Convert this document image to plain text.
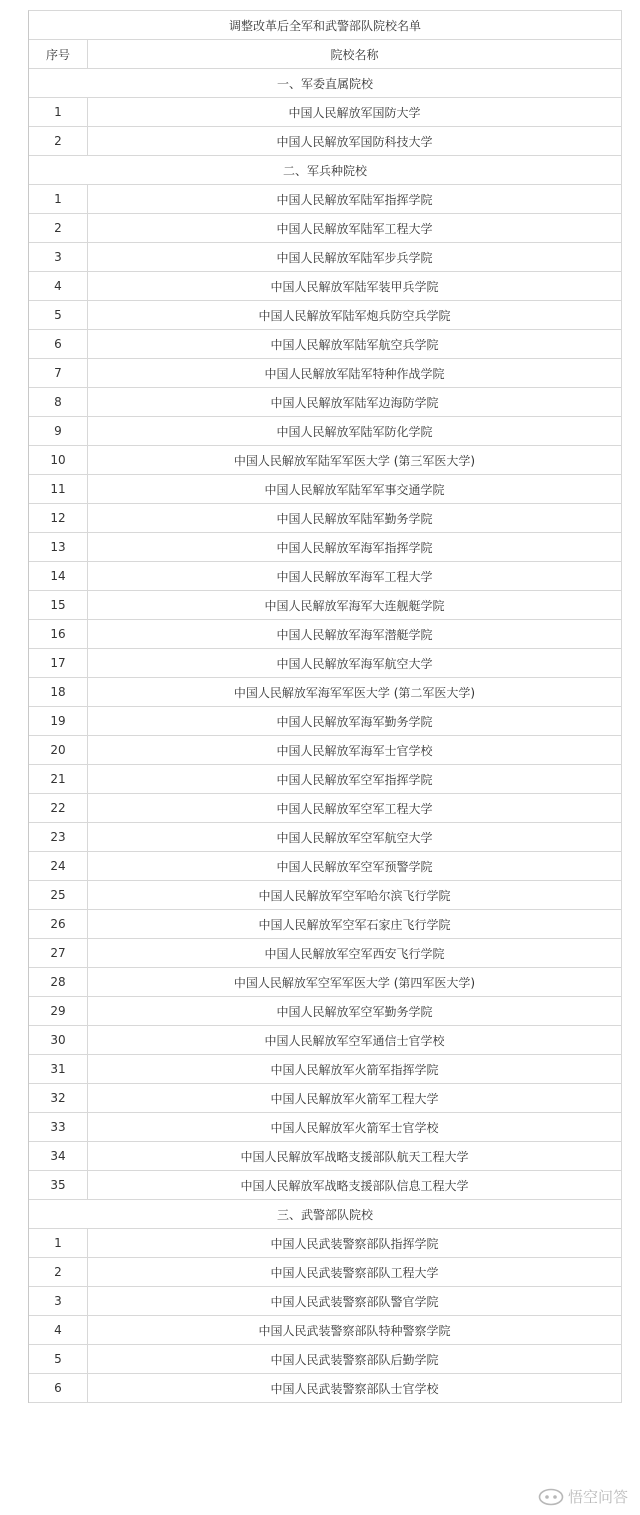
调整改革后全军和武警部队院校名单	
序号	院校名称
一、军委直属院校	
1	中国人民解放军国防大学
2	中国人民解放军国防科技大学
二、军兵种院校	
1	中国人民解放军陆军指挥学院
2	中国人民解放军陆军工程大学
3	中国人民解放军陆军步兵学院
4	中国人民解放军陆军装甲兵学院
5	中国人民解放军陆军炮兵防空兵学院
6	中国人民解放军陆军航空兵学院
7	中国人民解放军陆军特种作战学院
8	中国人民解放军陆军边海防学院
9	中国人民解放军陆军防化学院
10	中国人民解放军陆军军医大学 (第三军医大学)
11	中国人民解放军陆军军事交通学院
12	中国人民解放军陆军勤务学院
13	中国人民解放军海军指挥学院
14	中国人民解放军海军工程大学
15	中国人民解放军海军大连舰艇学院
16	中国人民解放军海军潜艇学院
17	中国人民解放军海军航空大学
18	中国人民解放军海军军医大学 (第二军医大学)
19	中国人民解放军海军勤务学院
20	中国人民解放军海军士官学校
21	中国人民解放军空军指挥学院
22	中国人民解放军空军工程大学
23	中国人民解放军空军航空大学
24	中国人民解放军空军预警学院
25	中国人民解放军空军哈尔滨飞行学院
26	中国人民解放军空军石家庄飞行学院
27	中国人民解放军空军西安飞行学院
28	中国人民解放军空军军医大学 (第四军医大学)
29	中国人民解放军空军勤务学院
30	中国人民解放军空军通信士官学校
31	中国人民解放军火箭军指挥学院
32	中国人民解放军火箭军工程大学
33	中国人民解放军火箭军士官学校
34	中国人民解放军战略支援部队航天工程大学
35	中国人民解放军战略支援部队信息工程大学
三、武警部队院校	
1	中国人民武装警察部队指挥学院
2	中国人民武装警察部队工程大学
3	中国人民武装警察部队警官学院
4	中国人民武装警察部队特种警察学院
5	中国人民武装警察部队后勤学院
6	中国人民武装警察部队士官学校
悟空问答
